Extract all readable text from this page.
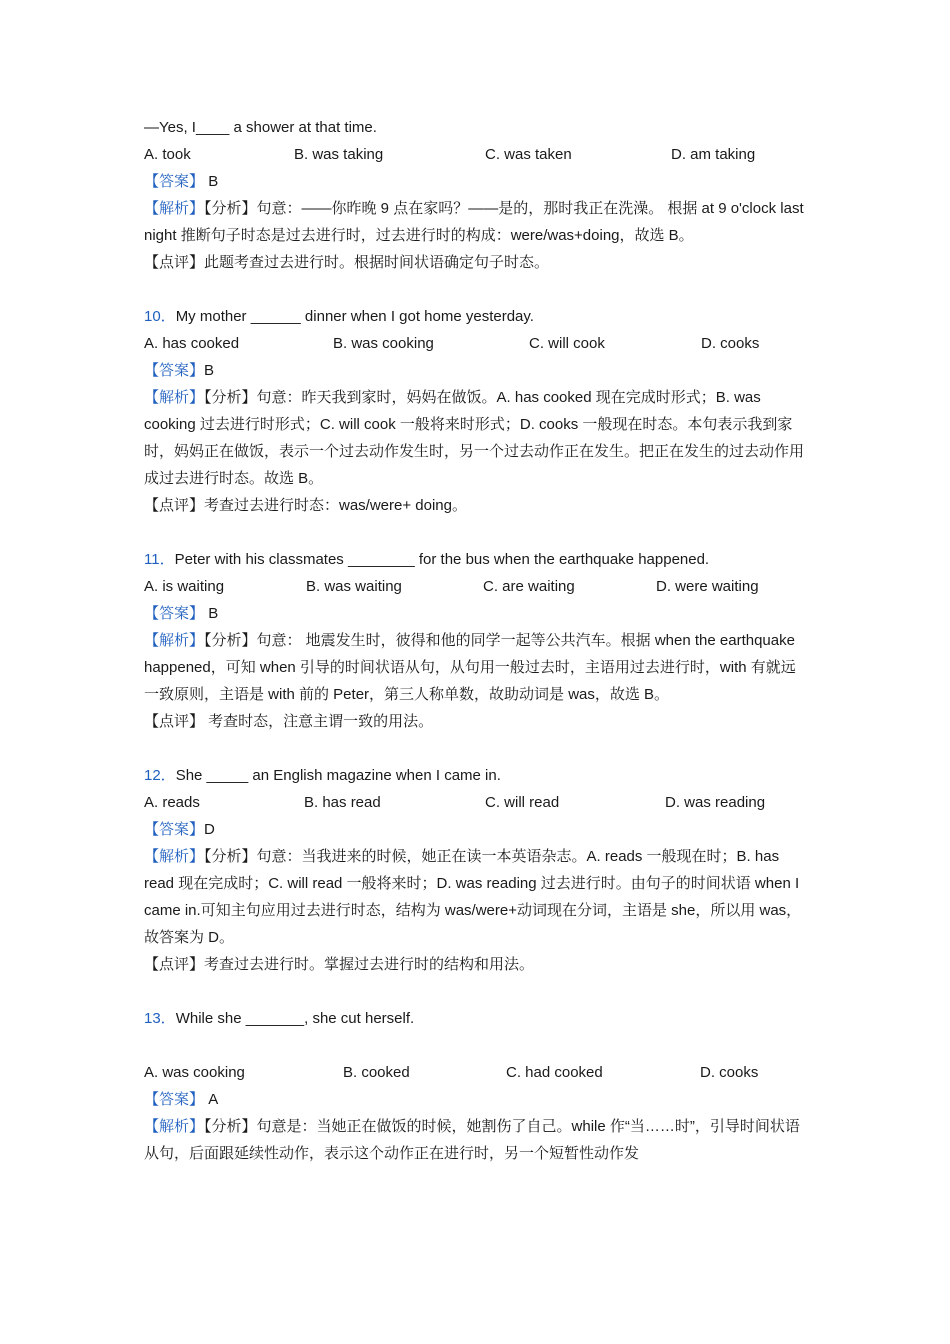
—Yes, I____ a shower at that time.
A. took	B. was taking	C. was taken	D. am taking
【答案】 B
【解析】【分析】句意：——你昨晚 9 点在家吗？——是的，那时我正在洗澡。 根据 at 9 o'clock last night 推断句子时态是过去进行时，过去进行时的构成：were/was+doing，故选 B。
【点评】此题考查过去进行时。根据时间状语确定句子时态。
10．My mother ______ dinner when I got home yesterday.
A. has cooked	B. was cooking	C. will cook	D. cooks
【答案】B
【解析】【分析】句意：昨天我到家时，妈妈在做饭。A. has cooked 现在完成时形式；B. was cooking 过去进行时形式；C. will cook 一般将来时形式；D. cooks 一般现在时态。本句表示我到家时，妈妈正在做饭，表示一个过去动作发生时，另一个过去动作正在发生。把正在发生的过去动作用成过去进行时态。故选 B。
【点评】考查过去进行时态：was/were+ doing。
11．Peter with his classmates ________ for the bus when the earthquake happened.
A. is waiting	B. was waiting	C. are waiting	D. were waiting
【答案】 B
【解析】【分析】句意： 地震发生时，彼得和他的同学一起等公共汽车。根据 when the earthquake happened，可知 when 引导的时间状语从句，从句用一般过去时，主语用过去进行时，with 有就远一致原则，主语是 with 前的 Peter，第三人称单数，故助动词是 was，故选 B。
【点评】 考查时态，注意主谓一致的用法。
12．She _____ an English magazine when I came in.
A. reads	B. has read	C. will read	D. was reading
【答案】D
【解析】【分析】句意：当我进来的时候，她正在读一本英语杂志。A. reads 一般现在时；B. has read 现在完成时；C. will read 一般将来时；D. was reading 过去进行时。由句子的时间状语 when I came in.可知主句应用过去进行时态，结构为 was/were+动词现在分词，主语是 she，所以用 was，故答案为 D。
【点评】考查过去进行时。掌握过去进行时的结构和用法。
13．While she _______, she cut herself.
A. was cooking	B. cooked	C. had cooked	D. cooks
【答案】 A
【解析】【分析】句意是：当她正在做饭的时候，她割伤了自己。while 作“当……时”，引导时间状语从句，后面跟延续性动作，表示这个动作正在进行时，另一个短暂性动作发
